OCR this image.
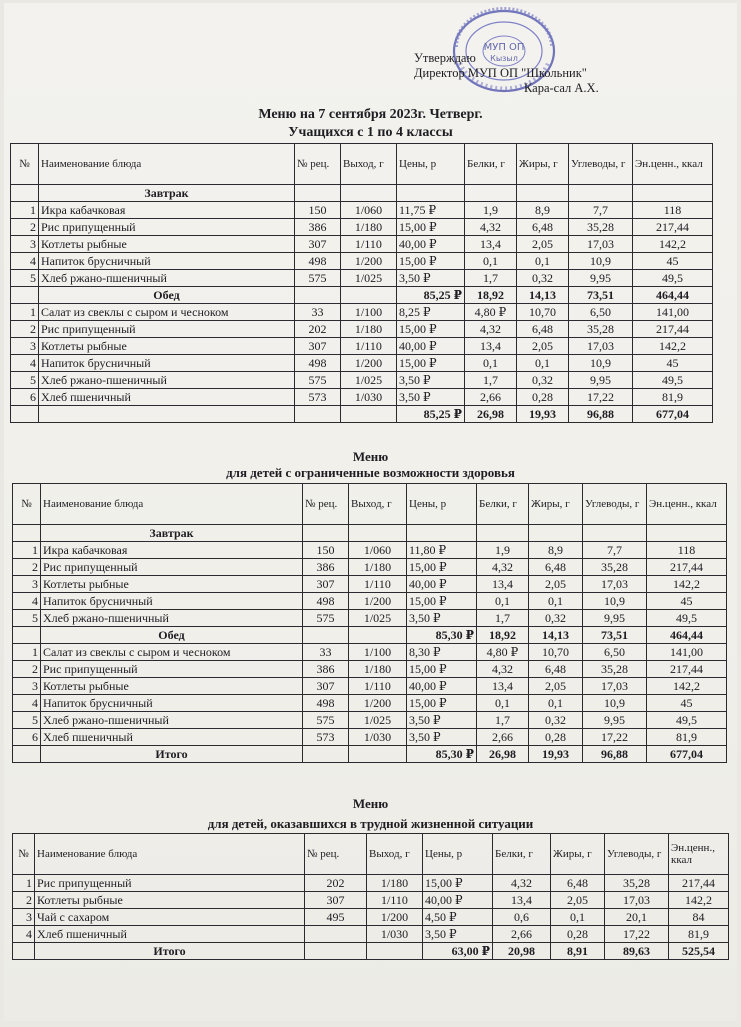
МУП ОП
Кызыл
Утверждаю
Директор МУП ОП "Школьник"
Кара-сал А.Х.
Меню на 7 сентября 2023г. Четверг.
Учащихся с 1 по 4 классы
№	Наименование блюда	№ рец.	Выход, г	Цены, р	Белки, г	Жиры, г	Углеводы, г	Эн.ценн., ккал
	Завтрак							
1	Икра кабачковая	150	1/060	11,75 ₽	1,9	8,9	7,7	118
2	Рис припущенный	386	1/180	15,00 ₽	4,32	6,48	35,28	217,44
3	Котлеты рыбные	307	1/110	40,00 ₽	13,4	2,05	17,03	142,2
4	Напиток брусничный	498	1/200	15,00 ₽	0,1	0,1	10,9	45
5	Хлеб ржано-пшеничный	575	1/025	3,50 ₽	1,7	0,32	9,95	49,5
	Обед			85,25 ₽	18,92	14,13	73,51	464,44
1	Салат из свеклы с сыром и чесноком	33	1/100	8,25 ₽	4,80 ₽	10,70	6,50	141,00
2	Рис припущенный	202	1/180	15,00 ₽	4,32	6,48	35,28	217,44
3	Котлеты рыбные	307	1/110	40,00 ₽	13,4	2,05	17,03	142,2
4	Напиток брусничный	498	1/200	15,00 ₽	0,1	0,1	10,9	45
5	Хлеб ржано-пшеничный	575	1/025	3,50 ₽	1,7	0,32	9,95	49,5
6	Хлеб пшеничный	573	1/030	3,50 ₽	2,66	0,28	17,22	81,9
				85,25 ₽	26,98	19,93	96,88	677,04
Меню
для детей с ограниченные возможности здоровья
№	Наименование блюда	№ рец.	Выход, г	Цены, р	Белки, г	Жиры, г	Углеводы, г	Эн.ценн., ккал
	Завтрак							
1	Икра кабачковая	150	1/060	11,80 ₽	1,9	8,9	7,7	118
2	Рис припущенный	386	1/180	15,00 ₽	4,32	6,48	35,28	217,44
3	Котлеты рыбные	307	1/110	40,00 ₽	13,4	2,05	17,03	142,2
4	Напиток брусничный	498	1/200	15,00 ₽	0,1	0,1	10,9	45
5	Хлеб ржано-пшеничный	575	1/025	3,50 ₽	1,7	0,32	9,95	49,5
	Обед			85,30 ₽	18,92	14,13	73,51	464,44
1	Салат из свеклы с сыром и чесноком	33	1/100	8,30 ₽	4,80 ₽	10,70	6,50	141,00
2	Рис припущенный	386	1/180	15,00 ₽	4,32	6,48	35,28	217,44
3	Котлеты рыбные	307	1/110	40,00 ₽	13,4	2,05	17,03	142,2
4	Напиток брусничный	498	1/200	15,00 ₽	0,1	0,1	10,9	45
5	Хлеб ржано-пшеничный	575	1/025	3,50 ₽	1,7	0,32	9,95	49,5
6	Хлеб пшеничный	573	1/030	3,50 ₽	2,66	0,28	17,22	81,9
	Итого			85,30 ₽	26,98	19,93	96,88	677,04
Меню
для детей, оказавшихся в трудной жизненной ситуации
№	Наименование блюда	№ рец.	Выход, г	Цены, р	Белки, г	Жиры, г	Углеводы, г	Эн.ценн., ккал
1	Рис припущенный	202	1/180	15,00 ₽	4,32	6,48	35,28	217,44
2	Котлеты рыбные	307	1/110	40,00 ₽	13,4	2,05	17,03	142,2
3	Чай с сахаром	495	1/200	4,50 ₽	0,6	0,1	20,1	84
4	Хлеб пшеничный		1/030	3,50 ₽	2,66	0,28	17,22	81,9
	Итого			63,00 ₽	20,98	8,91	89,63	525,54
